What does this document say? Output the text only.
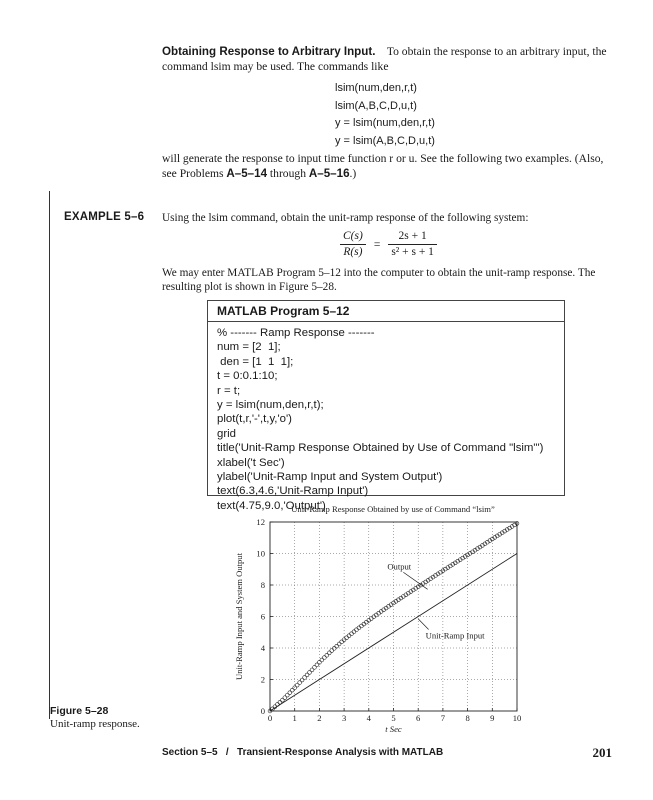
Obtaining Response to Arbitrary Input. To obtain the response to an arbitrary input, the command lsim may be used. The commands like
lsim(num,den,r,t)
lsim(A,B,C,D,u,t)
y = lsim(num,den,r,t)
y = lsim(A,B,C,D,u,t)
will generate the response to input time function r or u. See the following two examples. (Also, see Problems A–5–14 through A–5–16.)
EXAMPLE 5–6 Using the lsim command, obtain the unit-ramp response of the following system:
$\frac{C(s)}{R(s)} = \frac{2s + 1}{\text{s² + s + 1}}$
We may enter MATLAB Program 5–12 into the computer to obtain the unit-ramp response. The resulting plot is shown in Figure 5–28.
MATLAB Program 5–12
% ------- Ramp Response -------
num = [2  1];
den = [1  1  1];
t = 0:0.1:10;
r = t;
y = lsim(num,den,r,t);
plot(t,r,'-',t,y,'o')
grid
title('Unit-Ramp Response Obtained by Use of Command "lsim"')
xlabel('t Sec')
ylabel('Unit-Ramp Input and System Output')
text(6.3,4.6,'Unit-Ramp Input')
text(4.75,9.0,'Output')
Unit-Ramp Response Obtained by use of Command “lsim”
0 1 2 3 4 5 6 7 8 9 10
0
2
4
6
8
10
12
Output
Unit-Ramp Input
t Sec
Unit-Ramp Input and System Output
Figure 5–28
Unit-ramp response.
Section 5–5   /   Transient-Response Analysis with MATLAB	201
